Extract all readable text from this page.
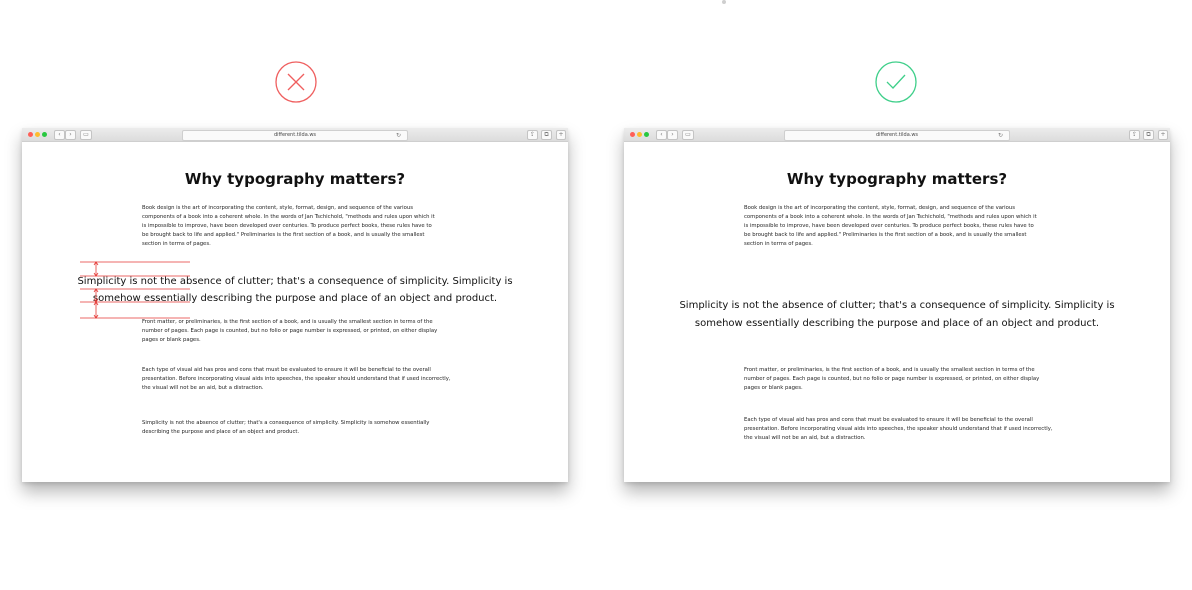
‹	›	▭	different.tilda.ws	↻	⇪	⧉	+
Why typography matters?
Book design is the art of incorporating the content, style, format, design, and sequence of the various components of a book into a coherent whole. In the words of Jan Tschichold, "methods and rules upon which it is impossible to improve, have been developed over centuries. To produce perfect books, these rules have to be brought back to life and applied." Preliminaries is the first section of a book, and is usually the smallest section in terms of pages.
Simplicity is not the absence of clutter; that's a consequence of simplicity. Simplicity is
somehow essentially describing the purpose and place of an object and product.
Front matter, or preliminaries, is the first section of a book, and is usually the smallest section in terms of the number of pages. Each page is counted, but no folio or page number is expressed, or printed, on either display pages or blank pages.
Each type of visual aid has pros and cons that must be evaluated to ensure it will be beneficial to the overall presentation. Before incorporating visual aids into speeches, the speaker should understand that if used incorrectly, the visual will not be an aid, but a distraction.
Simplicity is not the absence of clutter; that's a consequence of simplicity. Simplicity is somehow essentially describing the purpose and place of an object and product.
‹	›	▭	different.tilda.ws	↻	⇪	⧉	+
Why typography matters?
Book design is the art of incorporating the content, style, format, design, and sequence of the various components of a book into a coherent whole. In the words of Jan Tschichold, "methods and rules upon which it is impossible to improve, have been developed over centuries. To produce perfect books, these rules have to be brought back to life and applied." Preliminaries is the first section of a book, and is usually the smallest section in terms of pages.
Simplicity is not the absence of clutter; that's a consequence of simplicity. Simplicity is
somehow essentially describing the purpose and place of an object and product.
Front matter, or preliminaries, is the first section of a book, and is usually the smallest section in terms of the number of pages. Each page is counted, but no folio or page number is expressed, or printed, on either display pages or blank pages.
Each type of visual aid has pros and cons that must be evaluated to ensure it will be beneficial to the overall presentation. Before incorporating visual aids into speeches, the speaker should understand that if used incorrectly, the visual will not be an aid, but a distraction.
